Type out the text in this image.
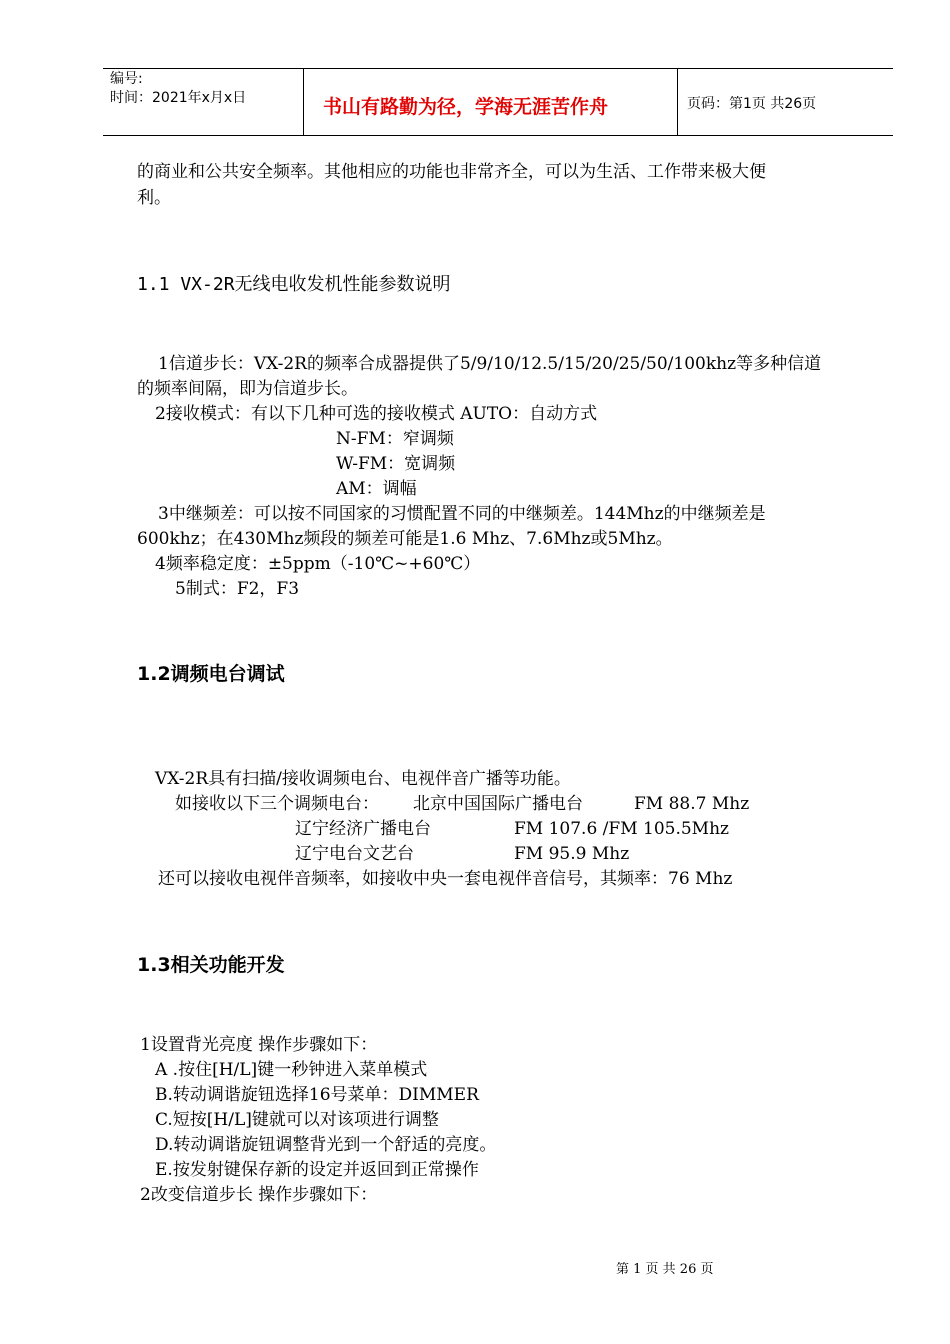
编号:
时间：2021年x月x日	书山有路勤为径，学海无涯苦作舟	页码：第1页 共26页
的商业和公共安全频率。其他相应的功能也非常齐全，可以为生活、工作带来极大便
利。
1.1 VX-2R无线电收发机性能参数说明
1信道步长：VX-2R的频率合成器提供了5/9/10/12.5/15/20/25/50/100khz等多种信道
的频率间隔，即为信道步长。
2接收模式：有以下几种可选的接收模式 AUTO：自动方式
N-FM：窄调频
W-FM：宽调频
AM：调幅
3中继频差：可以按不同国家的习惯配置不同的中继频差。144Mhz的中继频差是
600khz；在430Mhz频段的频差可能是1.6 Mhz、7.6Mhz或5Mhz。
4频率稳定度：±5ppm（-10℃~+60℃）
5制式：F2，F3
1.2调频电台调试
VX-2R具有扫描/接收调频电台、电视伴音广播等功能。
如接收以下三个调频电台： 北京中国国际广播电台	FM 88.7 Mhz
辽宁经济广播电台	FM 107.6 /FM 105.5Mhz
辽宁电台文艺台	FM 95.9 Mhz
还可以接收电视伴音频率，如接收中央一套电视伴音信号，其频率：76 Mhz
1.3相关功能开发
1设置背光亮度 操作步骤如下：
A .按住[H/L]键一秒钟进入菜单模式
B.转动调谐旋钮选择16号菜单：DIMMER
C.短按[H/L]键就可以对该项进行调整
D.转动调谐旋钮调整背光到一个舒适的亮度。
E.按发射键保存新的设定并返回到正常操作
2改变信道步长 操作步骤如下：
第 1 页 共 26 页
